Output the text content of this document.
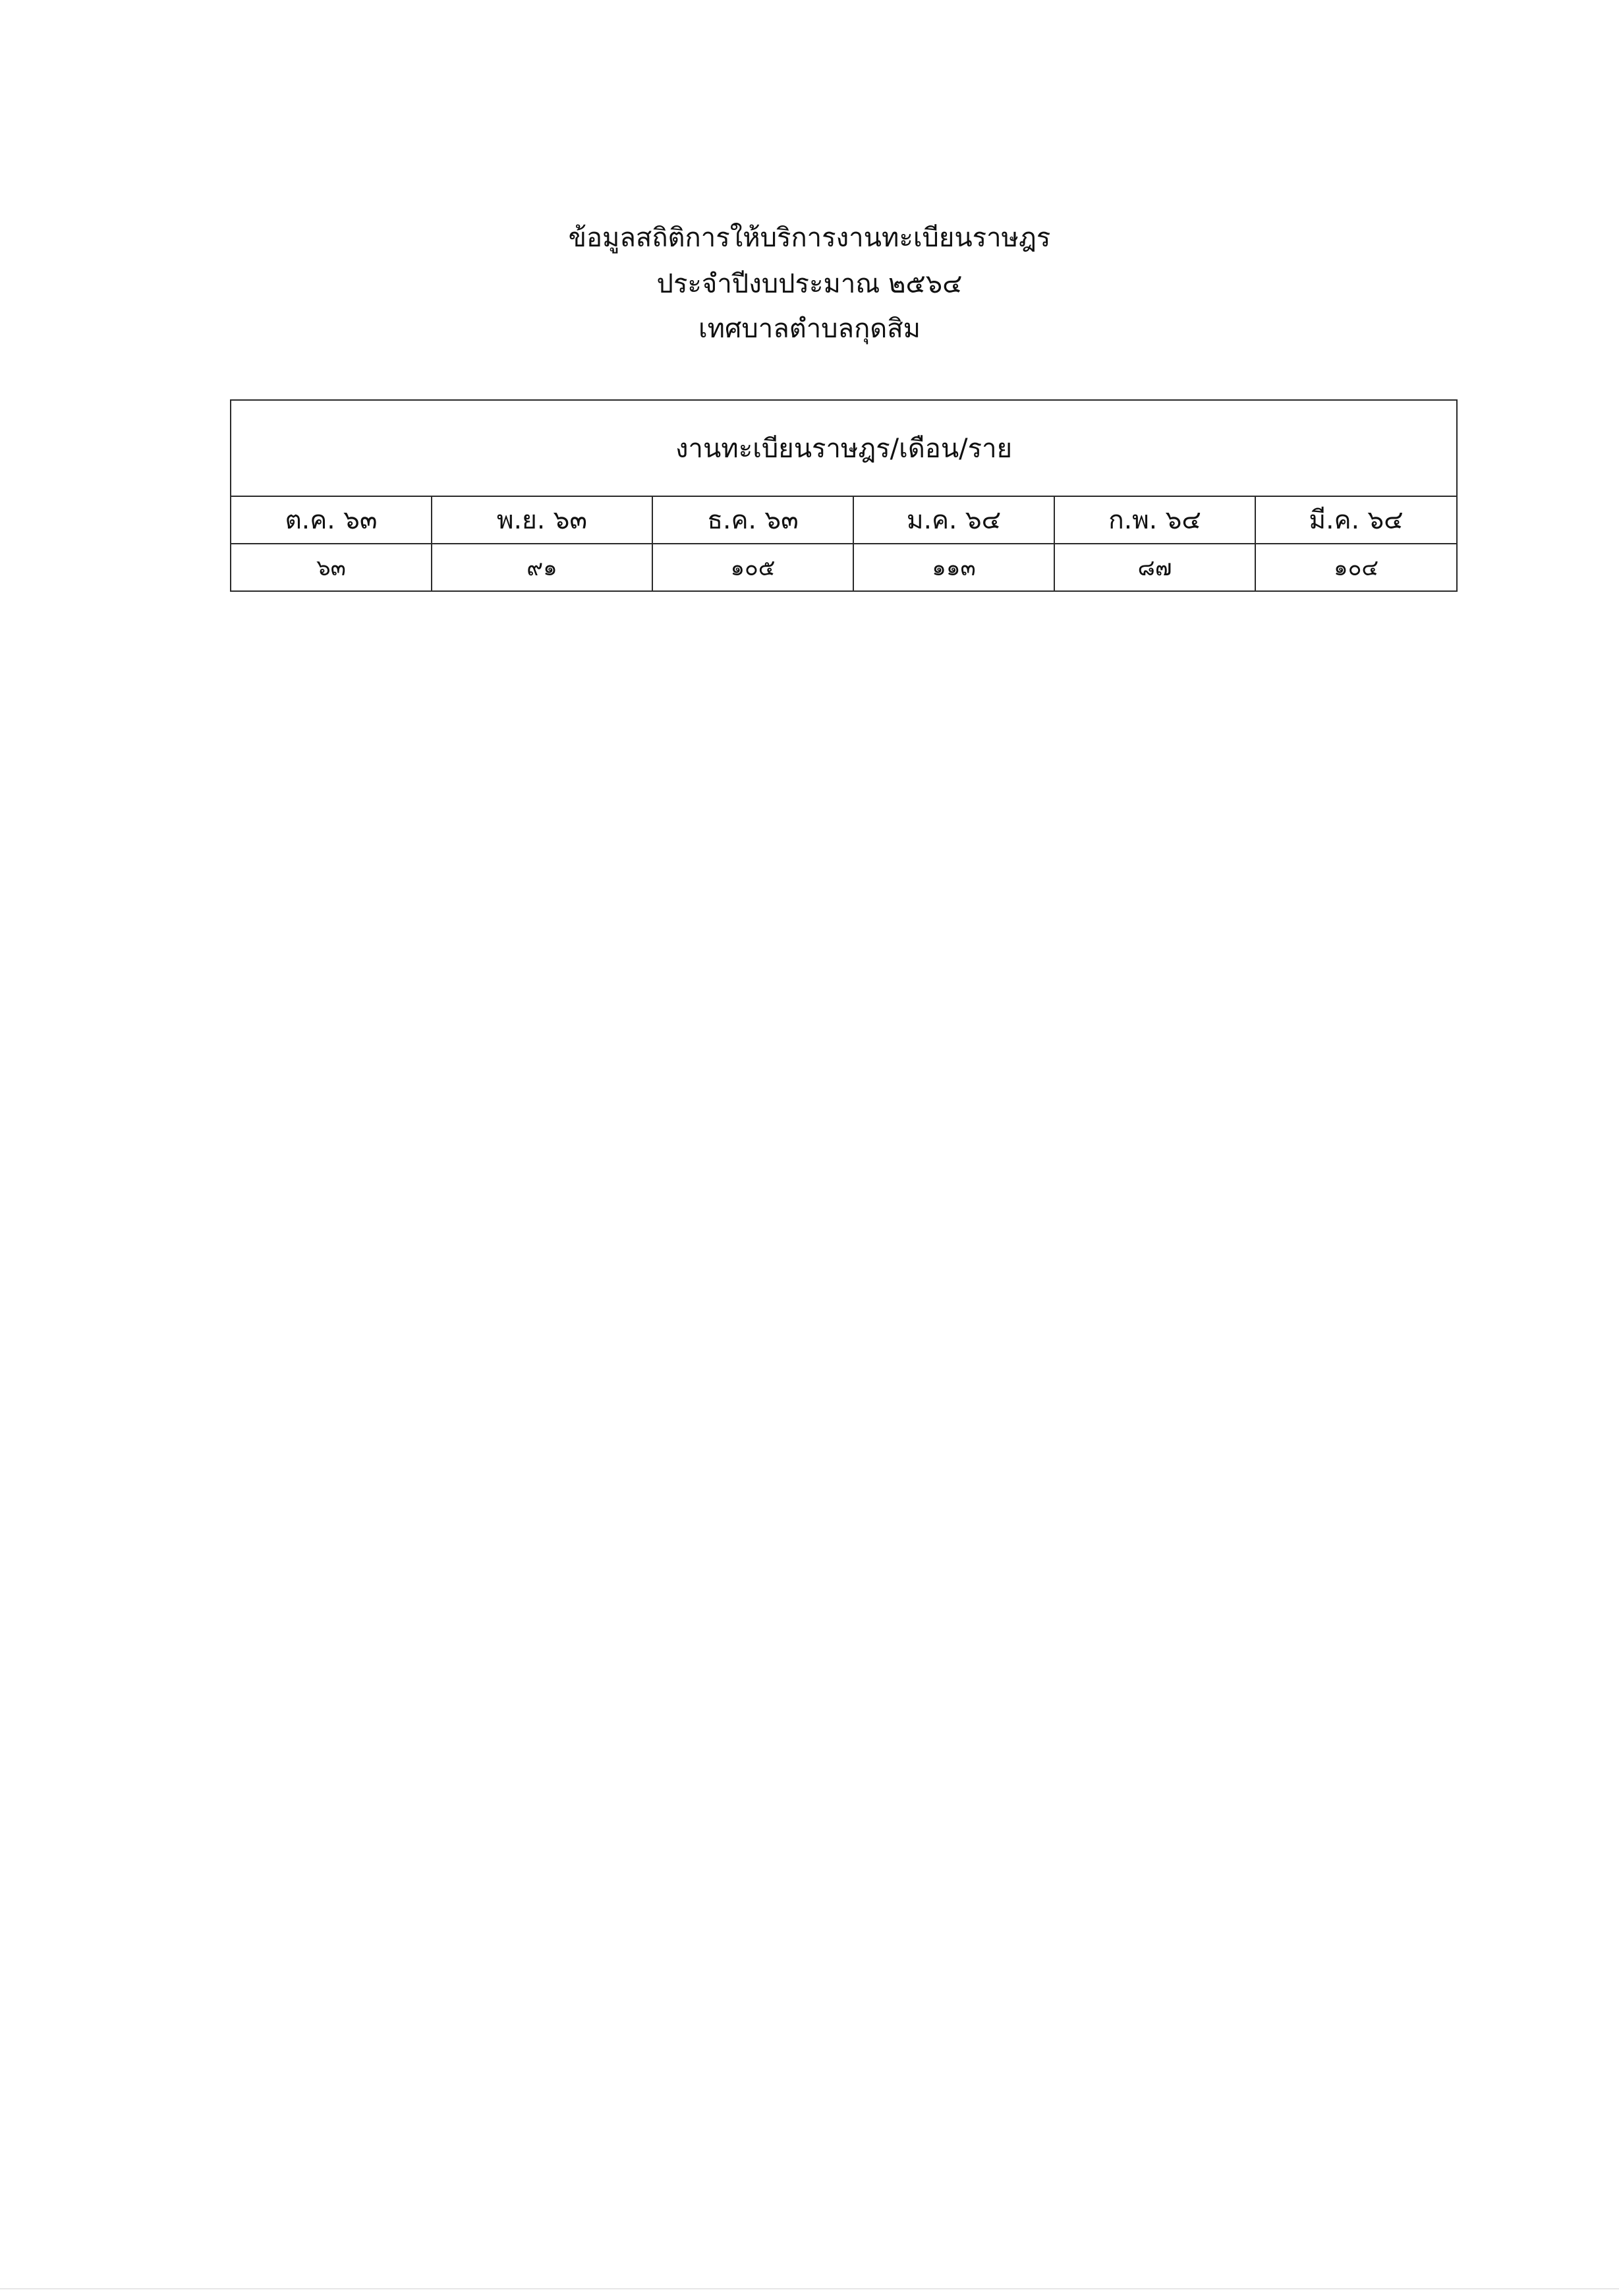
ข้อมูลสถิติการให้บริการงานทะเบียนราษฎร
ประจำปีงบประมาณ ๒๕๖๔
เทศบาลตำบลกุดสิม
งานทะเบียนราษฎร/เดือน/ราย					
ต.ค. ๖๓	พ.ย. ๖๓	ธ.ค. ๖๓	ม.ค. ๖๔	ก.พ. ๖๔	มี.ค. ๖๔
๖๓	๙๑	๑๐๕	๑๑๓	๘๗	๑๐๔
